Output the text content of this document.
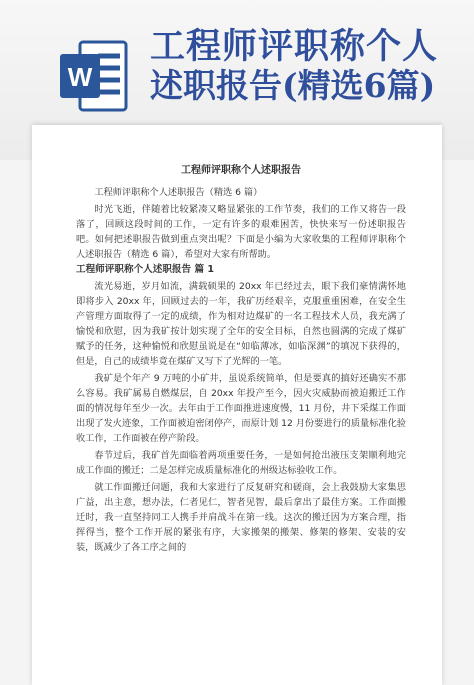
W
工程师评职称个人
述职报告(精选6篇)
工程师评职称个人述职报告

工程师评职称个人述职报告（精选 6 篇）

时光飞逝，伴随着比较紧凑又略显紧张的工作节奏，我们的工作又将告一段落了，回顾这段时间的工作，一定有许多的艰难困苦，快快来写一份述职报告吧。如何把述职报告做到重点突出呢？下面是小编为大家收集的工程师评职称个人述职报告（精选 6 篇），希望对大家有所帮助。

工程师评职称个人述职报告 篇 1

流光易逝，岁月如流，满载硕果的 20xx 年已经过去，眼下我们豪情满怀地即将步入 20xx 年，回顾过去的一年，我矿历经艰辛，克服重重困难，在安全生产管理方面取得了一定的成绩，作为相对边煤矿的一名工程技术人员，我充满了愉悦和欣慰，因为我矿按计划实现了全年的安全目标，自然也圆满的完成了煤矿赋予的任务，这种愉悦和欣慰虽说是在“如临薄冰，如临深渊”的填况下获得的，但是，自己的成绩毕竟在煤矿又写下了光辉的一笔。

我矿是个年产 9 万吨的小矿井，虽说系统简单，但是要真的搞好还确实不那么容易。我矿属易自燃煤层，自 20xx 年投产至今，因火灾威胁而被迫搬迁工作面的情况每年至少一次。去年由于工作面推进速度慢，11 月份，井下采煤工作面出现了发火迹象，工作面被迫密闭停产，而原计划 12 月份要进行的质量标准化验收工作，工作面被在停产阶段。

春节过后，我矿首先面临着两项重要任务，一是如何抢出液压支架顺利地完成工作面的搬迁；二是怎样完成质量标准化的州级达标验收工作。

就工作面搬迁问题，我和大家进行了反复研究和磋商，会上我鼓励大家集思广益，出主意，想办法，仁者见仁，智者见智，最后拿出了最佳方案。工作面搬迁时，我一直坚持同工人携手并肩战斗在第一线。这次的搬迁因为方案合理，指挥得当，整个工作开展的紧张有序，大家搬架的搬架、修架的修架、安装的安装，既减少了各工序之间的
